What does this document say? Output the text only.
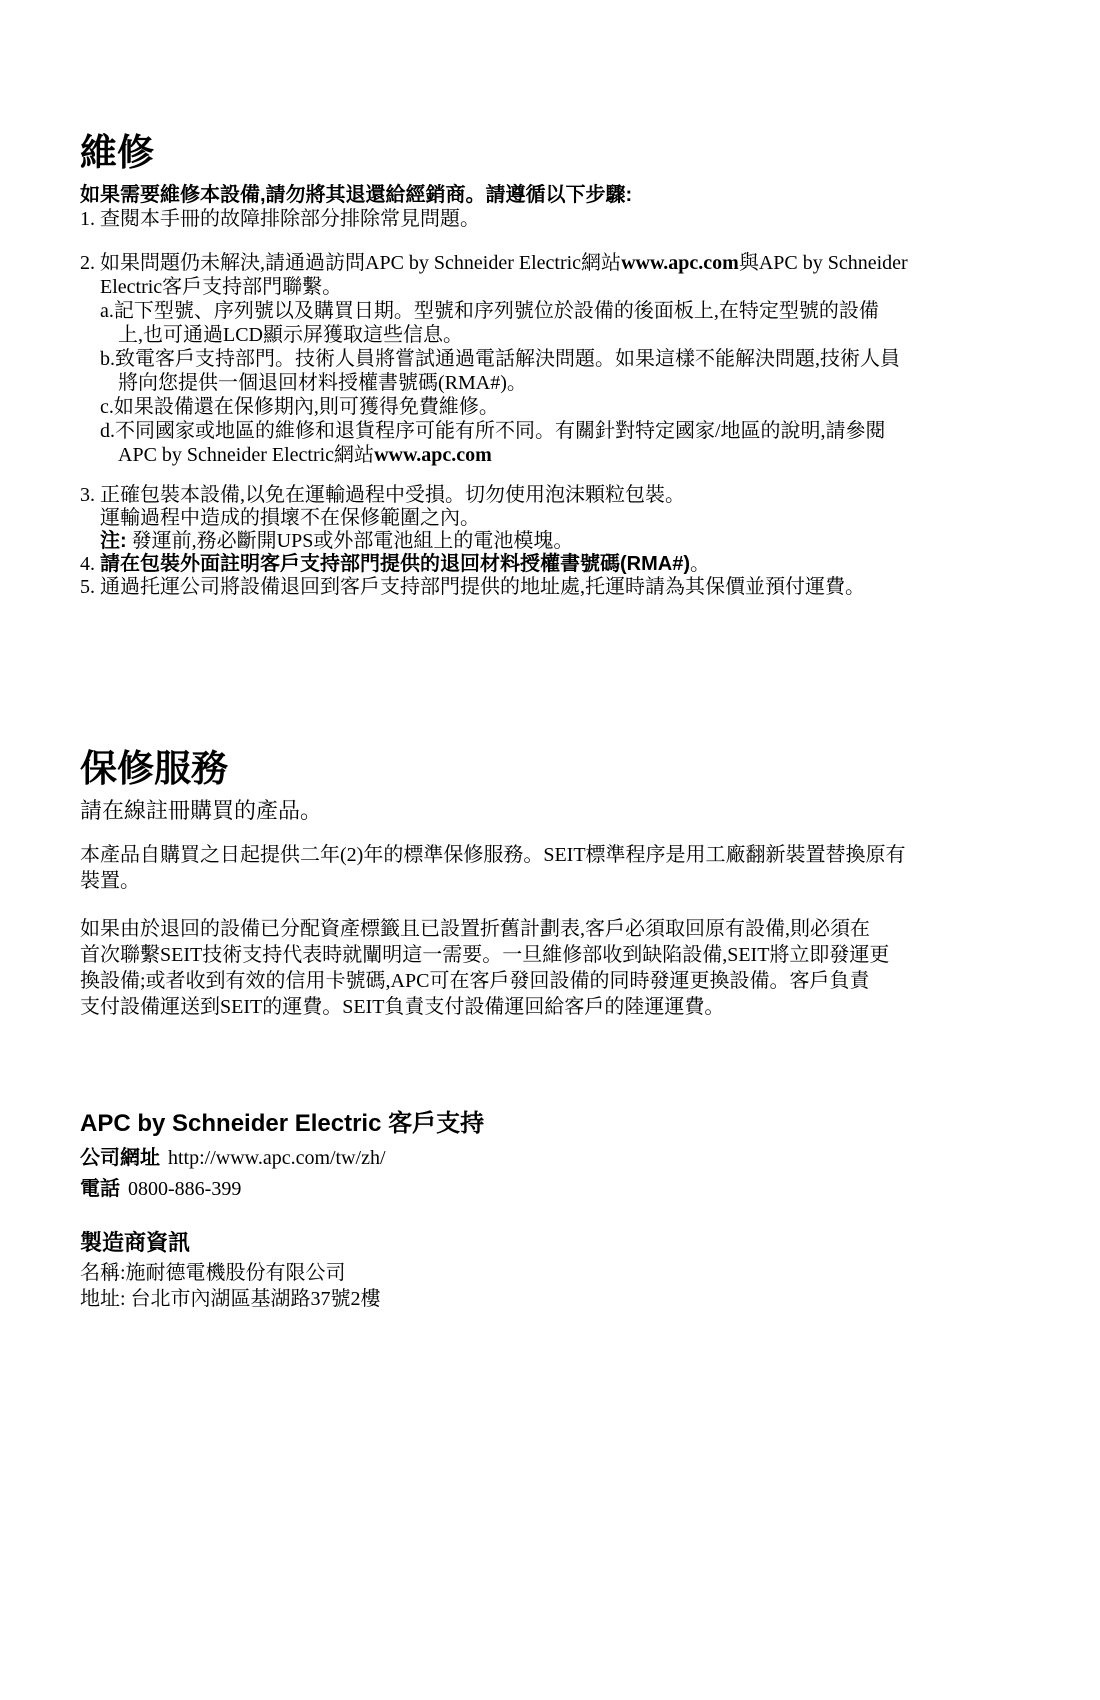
維修
如果需要維修本設備,請勿將其退還給經銷商。請遵循以下步驟:
1. 查閱本手冊的故障排除部分排除常見問題。
2. 如果問題仍未解決,請通過訪問APC by Schneider Electric網站www.apc.com與APC by Schneider
Electric客戶支持部門聯繫。
a.記下型號、序列號以及購買日期。型號和序列號位於設備的後面板上,在特定型號的設備
上,也可通過LCD顯示屏獲取這些信息。
b.致電客戶支持部門。技術人員將嘗試通過電話解決問題。如果這樣不能解決問題,技術人員
將向您提供一個退回材料授權書號碼(RMA#)。
c.如果設備還在保修期內,則可獲得免費維修。
d.不同國家或地區的維修和退貨程序可能有所不同。有關針對特定國家/地區的說明,請參閱
APC by Schneider Electric網站www.apc.com
3. 正確包裝本設備,以免在運輸過程中受損。切勿使用泡沫顆粒包裝。
運輸過程中造成的損壞不在保修範圍之內。
注: 發運前,務必斷開UPS或外部電池組上的電池模塊。
4. 請在包裝外面註明客戶支持部門提供的退回材料授權書號碼(RMA#)。
5. 通過托運公司將設備退回到客戶支持部門提供的地址處,托運時請為其保價並預付運費。
保修服務
請在線註冊購買的產品。
本產品自購買之日起提供二年(2)年的標準保修服務。SEIT標準程序是用工廠翻新裝置替換原有
裝置。
如果由於退回的設備已分配資產標籤且已設置折舊計劃表,客戶必須取回原有設備,則必須在
首次聯繫SEIT技術支持代表時就闡明這一需要。一旦維修部收到缺陷設備,SEIT將立即發運更
換設備;或者收到有效的信用卡號碼,APC可在客戶發回設備的同時發運更換設備。客戶負責
支付設備運送到SEIT的運費。SEIT負責支付設備運回給客戶的陸運運費。
APC by Schneider Electric 客戶支持
公司網址 http://www.apc.com/tw/zh/
電話 0800-886-399
製造商資訊
名稱:施耐德電機股份有限公司
地址: 台北市內湖區基湖路37號2樓
